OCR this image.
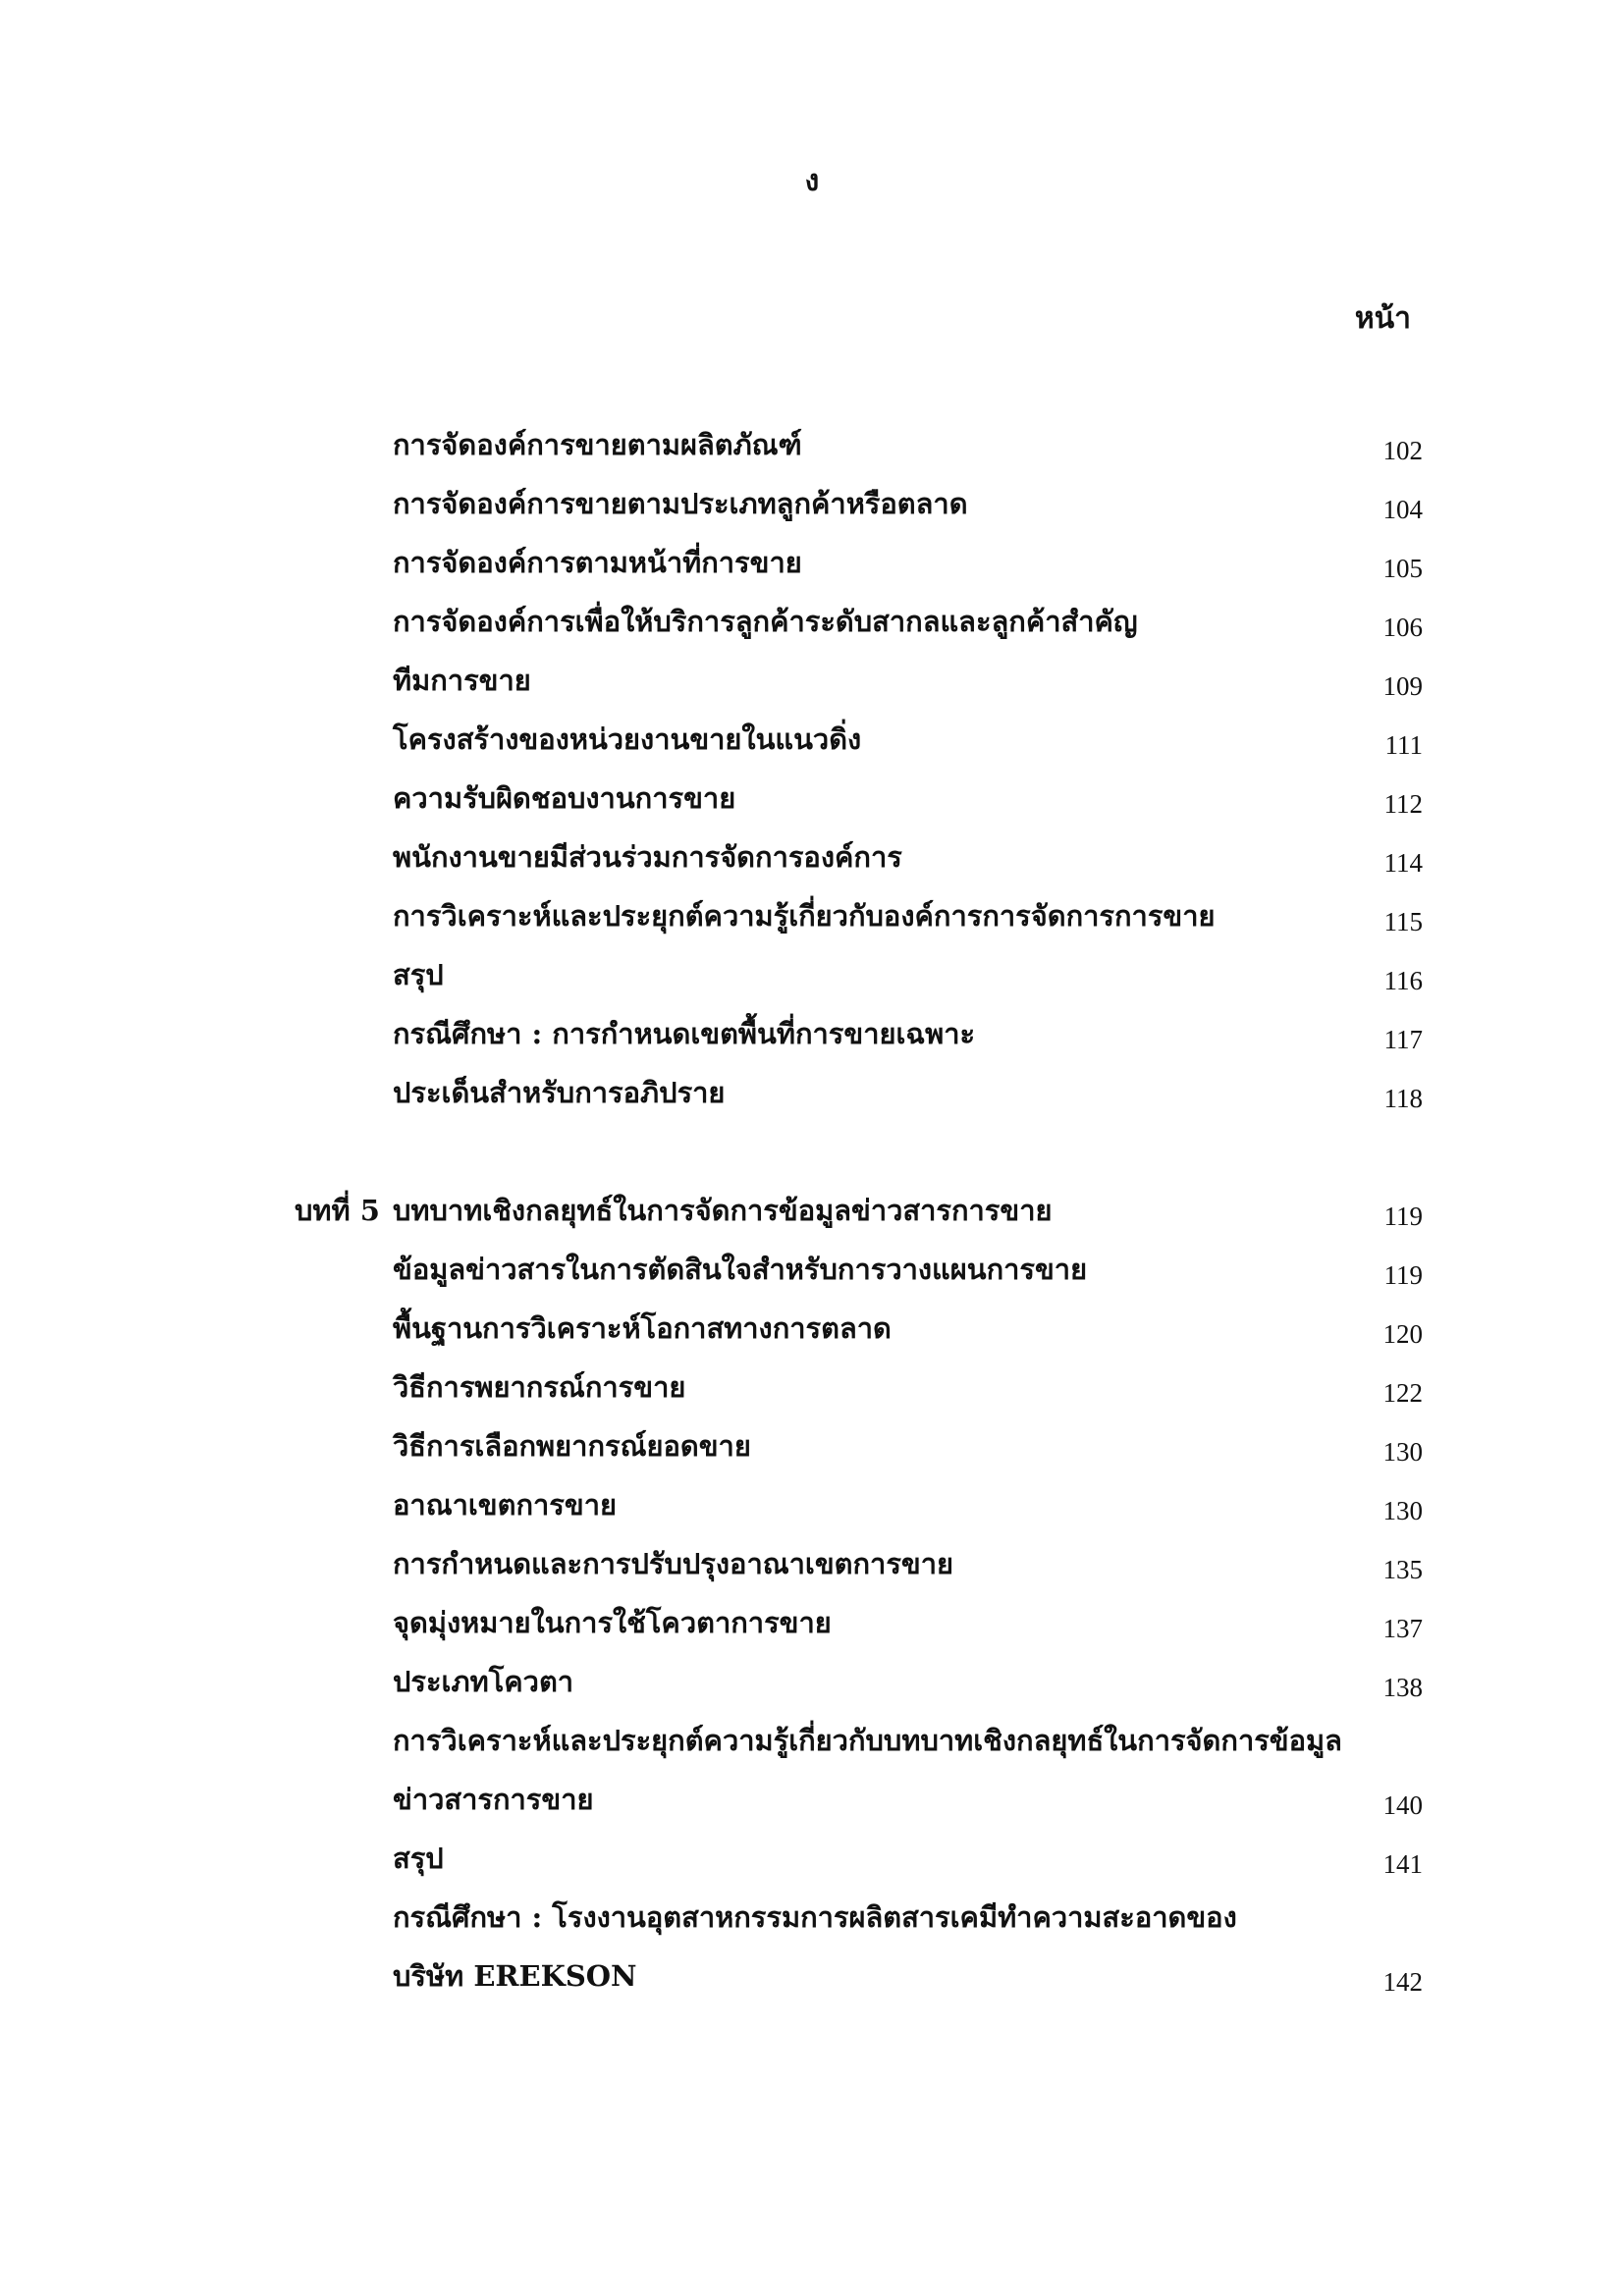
ง
หน้า
การจัดองค์การขายตามผลิตภัณฑ์	102
การจัดองค์การขายตามประเภทลูกค้าหรือตลาด	104
การจัดองค์การตามหน้าที่การขาย	105
การจัดองค์การเพื่อให้บริการลูกค้าระดับสากลและลูกค้าสำคัญ	106
ทีมการขาย	109
โครงสร้างของหน่วยงานขายในแนวดิ่ง	111
ความรับผิดชอบงานการขาย	112
พนักงานขายมีส่วนร่วมการจัดการองค์การ	114
การวิเคราะห์และประยุกต์ความรู้เกี่ยวกับองค์การการจัดการการขาย	115
สรุป	116
กรณีศึกษา : การกำหนดเขตพื้นที่การขายเฉพาะ	117
ประเด็นสำหรับการอภิปราย	118
บทที่ 5 บทบาทเชิงกลยุทธ์ในการจัดการข้อมูลข่าวสารการขาย	119
ข้อมูลข่าวสารในการตัดสินใจสำหรับการวางแผนการขาย	119
พื้นฐานการวิเคราะห์โอกาสทางการตลาด	120
วิธีการพยากรณ์การขาย	122
วิธีการเลือกพยากรณ์ยอดขาย	130
อาณาเขตการขาย	130
การกำหนดและการปรับปรุงอาณาเขตการขาย	135
จุดมุ่งหมายในการใช้โควตาการขาย	137
ประเภทโควตา	138
การวิเคราะห์และประยุกต์ความรู้เกี่ยวกับบทบาทเชิงกลยุทธ์ในการจัดการข้อมูล
ข่าวสารการขาย	140
สรุป	141
กรณีศึกษา : โรงงานอุตสาหกรรมการผลิตสารเคมีทำความสะอาดของ
บริษัท EREKSON	142
